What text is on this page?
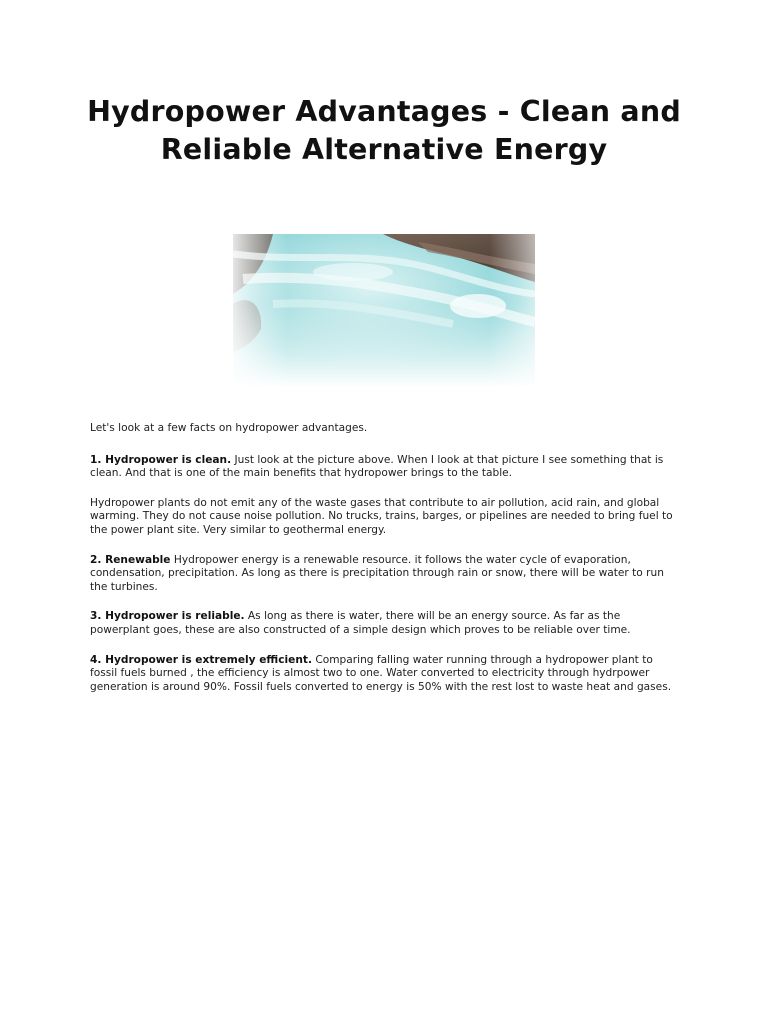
Hydropower Advantages - Clean and Reliable Alternative Energy

Let's look at a few facts on hydropower advantages.

1. Hydropower is clean. Just look at the picture above. When I look at that picture I see something that is clean. And that is one of the main benefits that hydropower brings to the table.

Hydropower plants do not emit any of the waste gases that contribute to air pollution, acid rain, and global warming. They do not cause noise pollution. No trucks, trains, barges, or pipelines are needed to bring fuel to the power plant site. Very similar to geothermal energy.

2. Renewable Hydropower energy is a renewable resource. it follows the water cycle of evaporation, condensation, precipitation. As long as there is precipitation through rain or snow, there will be water to run the turbines.

3. Hydropower is reliable. As long as there is water, there will be an energy source. As far as the powerplant goes, these are also constructed of a simple design which proves to be reliable over time.

4. Hydropower is extremely efficient. Comparing falling water running through a hydropower plant to fossil fuels burned , the efficiency is almost two to one. Water converted to electricity through hydrpower generation is around 90%. Fossil fuels converted to energy is 50% with the rest lost to waste heat and gases.
